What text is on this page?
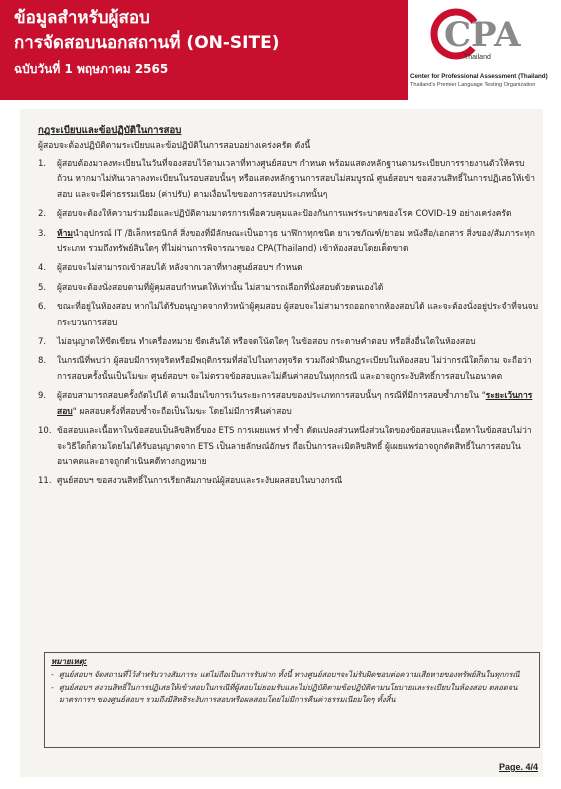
ข้อมูลสำหรับผู้สอบ
การจัดสอบนอกสถานที่ (ON-SITE)
ฉบับวันที่ 1 พฤษภาคม 2565
CPA
Thailand
Center for Professional Assessment (Thailand)
Thailand's Premier Language Testing Organization
กฎระเบียบและข้อปฏิบัติในการสอบ
ผู้สอบจะต้องปฏิบัติตามระเบียบและข้อปฏิบัติในการสอบอย่างเคร่งครัด ดังนี้
1. ผู้สอบต้องมาลงทะเบียนในวันที่จองสอบไว้ตามเวลาที่ทางศูนย์สอบฯ กำหนด พร้อมแสดงหลักฐานตามระเบียบการรายงานตัวให้ครบถ้วน หากมาไม่ทันเวลาลงทะเบียนในรอบสอบนั้นๆ หรือแสดงหลักฐานการสอบไม่สมบูรณ์ ศูนย์สอบฯ ขอสงวนสิทธิ์ในการปฏิเสธให้เข้าสอบ และจะมีค่าธรรมเนียม (ค่าปรับ) ตามเงื่อนไขของการสอบประเภทนั้นๆ
2. ผู้สอบจะต้องให้ความร่วมมือและปฏิบัติตามมาตรการเพื่อควบคุมและป้องกันการแพร่ระบาดของโรค COVID-19 อย่างเคร่งครัด
3. ห้ามนำอุปกรณ์ IT /อิเล็กทรอนิกส์ สิ่งของที่มีลักษณะเป็นอาวุธ นาฬิกาทุกชนิด ยาเวชภัณฑ์/ยาอม หนังสือ/เอกสาร สิ่งของ/สัมภาระทุกประเภท รวมถึงทรัพย์สินใดๆ ที่ไม่ผ่านการพิจารณาของ CPA(Thailand) เข้าห้องสอบโดยเด็ดขาด
4. ผู้สอบจะไม่สามารถเข้าสอบได้ หลังจากเวลาที่ทางศูนย์สอบฯ กำหนด
5. ผู้สอบจะต้องนั่งสอบตามที่ผู้คุมสอบกำหนดให้เท่านั้น ไม่สามารถเลือกที่นั่งสอบด้วยตนเองได้
6. ขณะที่อยู่ในห้องสอบ หากไม่ได้รับอนุญาตจากหัวหน้าผู้คุมสอบ ผู้สอบจะไม่สามารถออกจากห้องสอบได้ และจะต้องนั่งอยู่ประจำที่จนจบกระบวนการสอบ
7. ไม่อนุญาตให้ขีดเขียน ทำเครื่องหมาย ขีดเส้นใต้ หรือจดโน้ตใดๆ ในข้อสอบ กระดาษคำตอบ หรือสิ่งอื่นใดในห้องสอบ
8. ในกรณีที่พบว่า ผู้สอบมีการทุจริตหรือมีพฤติกรรมที่ส่อไปในทางทุจริต รวมถึงฝ่าฝืนกฎระเบียบในห้องสอบ ไม่ว่ากรณีใดก็ตาม จะถือว่าการสอบครั้งนั้นเป็นโมฆะ ศูนย์สอบฯ จะไม่ตรวจข้อสอบและไม่คืนค่าสอบในทุกกรณี และอาจถูกระงับสิทธิ์การสอบในอนาคต
9. ผู้สอบสามารถสอบครั้งถัดไปได้ ตามเงื่อนไขการเว้นระยะการสอบของประเภทการสอบนั้นๆ กรณีที่มีการสอบซ้ำภายใน "ระยะเว้นการสอบ" ผลสอบครั้งที่สอบซ้ำจะถือเป็นโมฆะ โดยไม่มีการคืนค่าสอบ
10. ข้อสอบและเนื้อหาในข้อสอบเป็นลิขสิทธิ์ของ ETS การเผยแพร่ ทำซ้ำ ดัดแปลงส่วนหนึ่งส่วนใดของข้อสอบและเนื้อหาในข้อสอบไม่ว่าจะวิธีใดก็ตามโดยไม่ได้รับอนุญาตจาก ETS เป็นลายลักษณ์อักษร ถือเป็นการละเมิดลิขสิทธิ์ ผู้เผยแพร่อาจถูกตัดสิทธิ์ในการสอบในอนาคตและอาจถูกดำเนินคดีทางกฎหมาย
11. ศูนย์สอบฯ ขอสงวนสิทธิ์ในการเรียกสัมภาษณ์ผู้สอบและระงับผลสอบในบางกรณี
หมายเหตุ:
- ศูนย์สอบฯ จัดสถานที่ไว้สำหรับวางสัมภาระ แต่ไม่ถือเป็นการรับฝาก ทั้งนี้ ทางศูนย์สอบฯจะไม่รับผิดชอบต่อความเสียหายของทรัพย์สินในทุกกรณี
- ศูนย์สอบฯ สงวนสิทธิ์ในการปฏิเสธให้เข้าสอบในกรณีที่ผู้สอบไม่ยอมรับและไม่ปฏิบัติตามข้อปฏิบัติตามนโยบายและระเบียบในห้องสอบ ตลอดจนมาตรการฯ ของศูนย์สอบฯ รวมถึงมีสิทธิระงับการสอบหรือผลสอบโดยไม่มีการคืนค่าธรรมเนียมใดๆ ทั้งสิ้น
Page. 4/4
